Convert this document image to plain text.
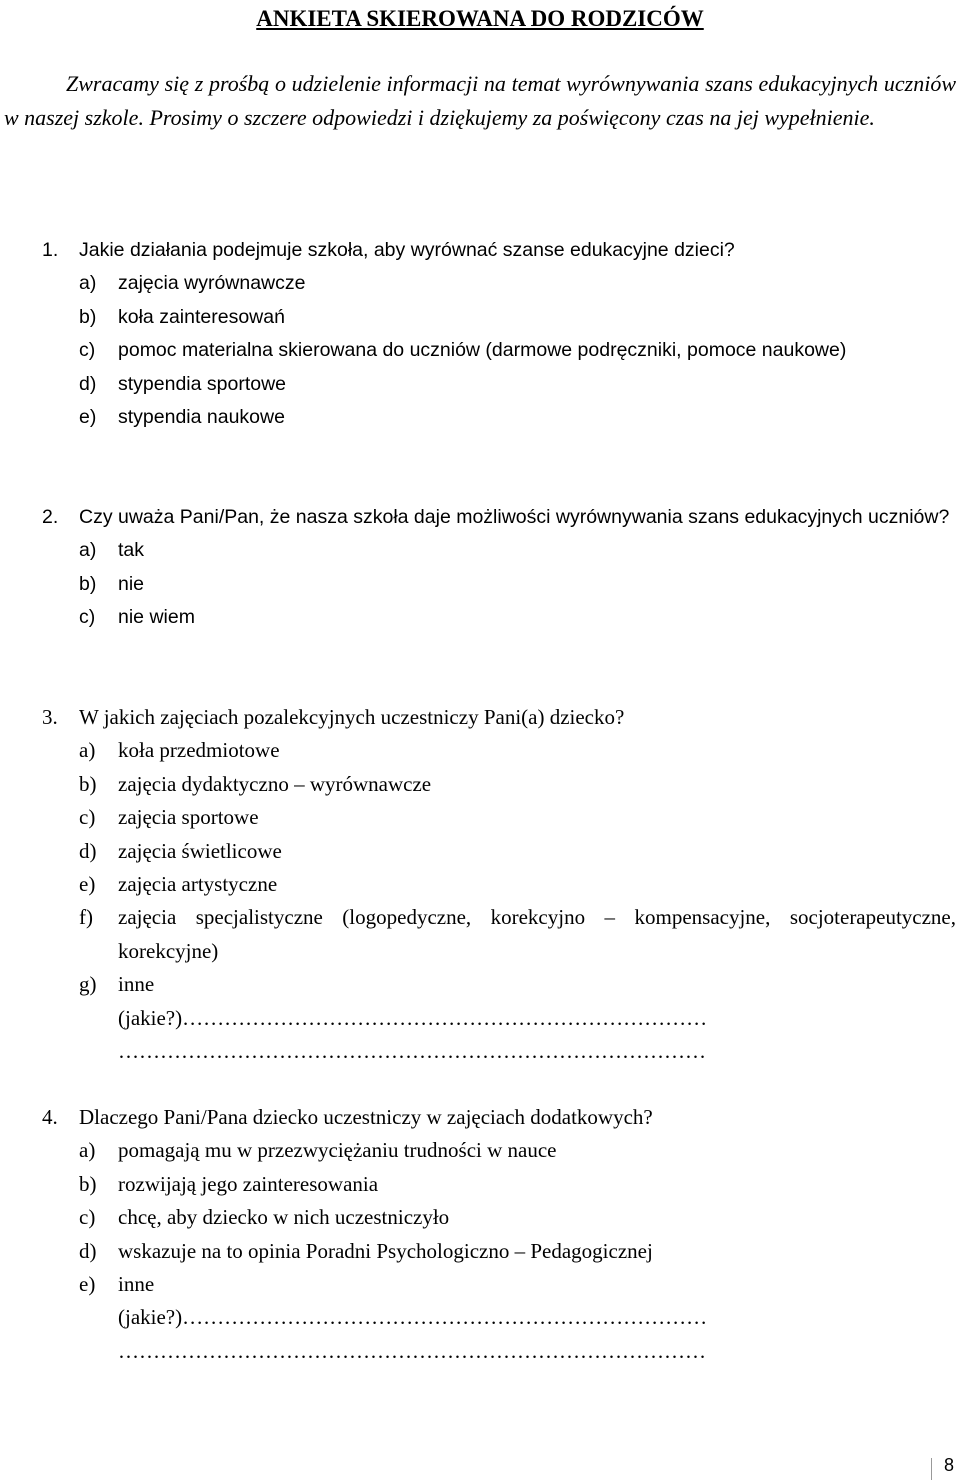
ANKIETA SKIEROWANA DO RODZICÓW
Zwracamy się z prośbą o udzielenie informacji na temat wyrównywania szans edukacyjnych uczniów w naszej szkole. Prosimy o szczere odpowiedzi i dziękujemy za poświęcony czas na jej wypełnienie.
1. Jakie działania podejmuje szkoła, aby wyrównać szanse edukacyjne dzieci?
a) zajęcia wyrównawcze
b) koła zainteresowań
c) pomoc materialna skierowana do uczniów (darmowe podręczniki, pomoce naukowe)
d) stypendia sportowe
e) stypendia naukowe
2. Czy uważa Pani/Pan, że nasza szkoła daje możliwości wyrównywania szans edukacyjnych uczniów?
a) tak
b) nie
c) nie wiem
3. W jakich zajęciach pozalekcyjnych uczestniczy Pani(a) dziecko?
a) koła przedmiotowe
b) zajęcia dydaktyczno – wyrównawcze
c) zajęcia sportowe
d) zajęcia świetlicowe
e) zajęcia artystyczne
f) zajęcia specjalistyczne (logopedyczne, korekcyjno – kompensacyjne, socjoterapeutyczne, korekcyjne)
g) inne
(jakie?)…………………………………………………………………
…………………………………………………………………………
4. Dlaczego Pani/Pana dziecko uczestniczy w zajęciach dodatkowych?
a) pomagają mu w przezwyciężaniu trudności w nauce
b) rozwijają jego zainteresowania
c) chcę, aby dziecko w nich uczestniczyło
d) wskazuje na to opinia Poradni Psychologiczno – Pedagogicznej
e) inne
(jakie?)…………………………………………………………………
…………………………………………………………………………
8
